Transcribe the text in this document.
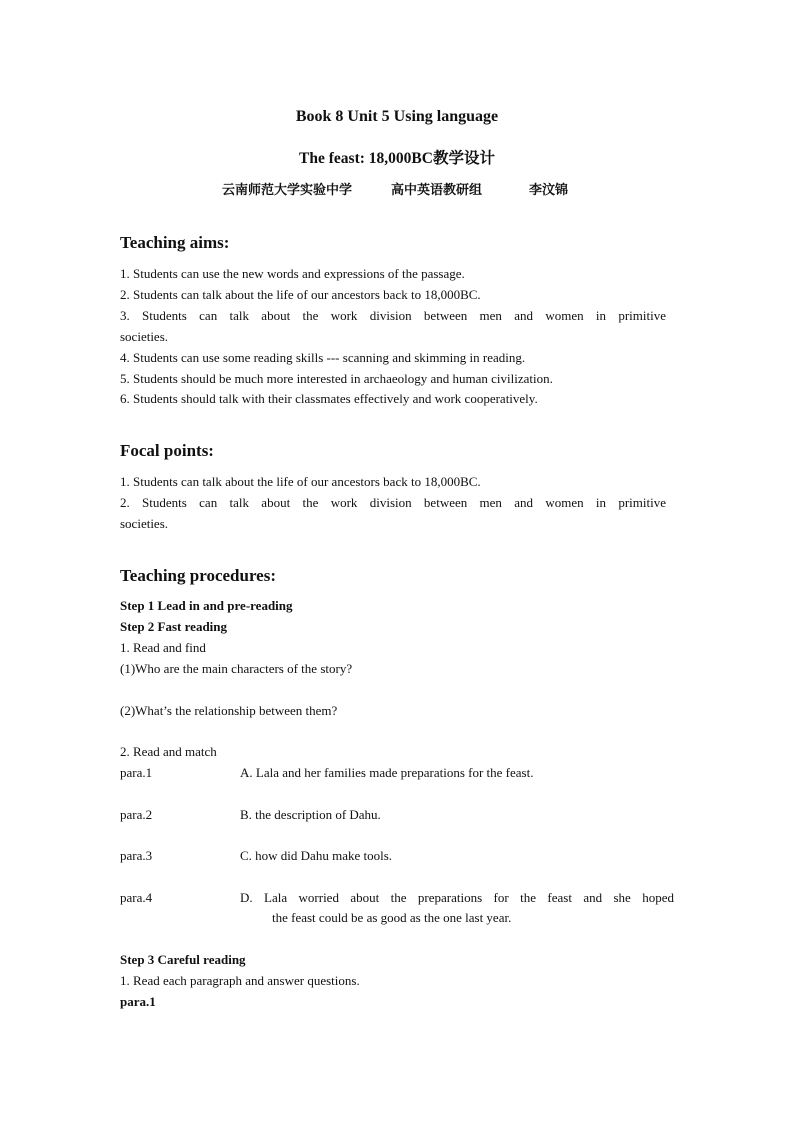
Book 8 Unit 5 Using language
The feast: 18,000BC教学设计
云南师范大学实验中学	高中英语教研组	李汶锦
Teaching aims:
1. Students can use the new words and expressions of the passage.
2. Students can talk about the life of our ancestors back to 18,000BC.
3. Students can talk about the work division between men and women in primitive
societies.
4. Students can use some reading skills --- scanning and skimming in reading.
5. Students should be much more interested in archaeology and human civilization.
6. Students should talk with their classmates effectively and work cooperatively.
Focal points:
1. Students can talk about the life of our ancestors back to 18,000BC.
2. Students can talk about the work division between men and women in primitive
societies.
Teaching procedures:
Step 1 Lead in and pre-reading
Step 2 Fast reading
1. Read and find
(1)Who are the main characters of the story?
(2)What’s the relationship between them?
2. Read and match
para.1	A. Lala and her families made preparations for the feast.
para.2	B. the description of Dahu.
para.3	C. how did Dahu make tools.
para.4	D. Lala worried about the preparations for the feast and she hoped
the feast could be as good as the one last year.
Step 3 Careful reading
1. Read each paragraph and answer questions.
para.1
